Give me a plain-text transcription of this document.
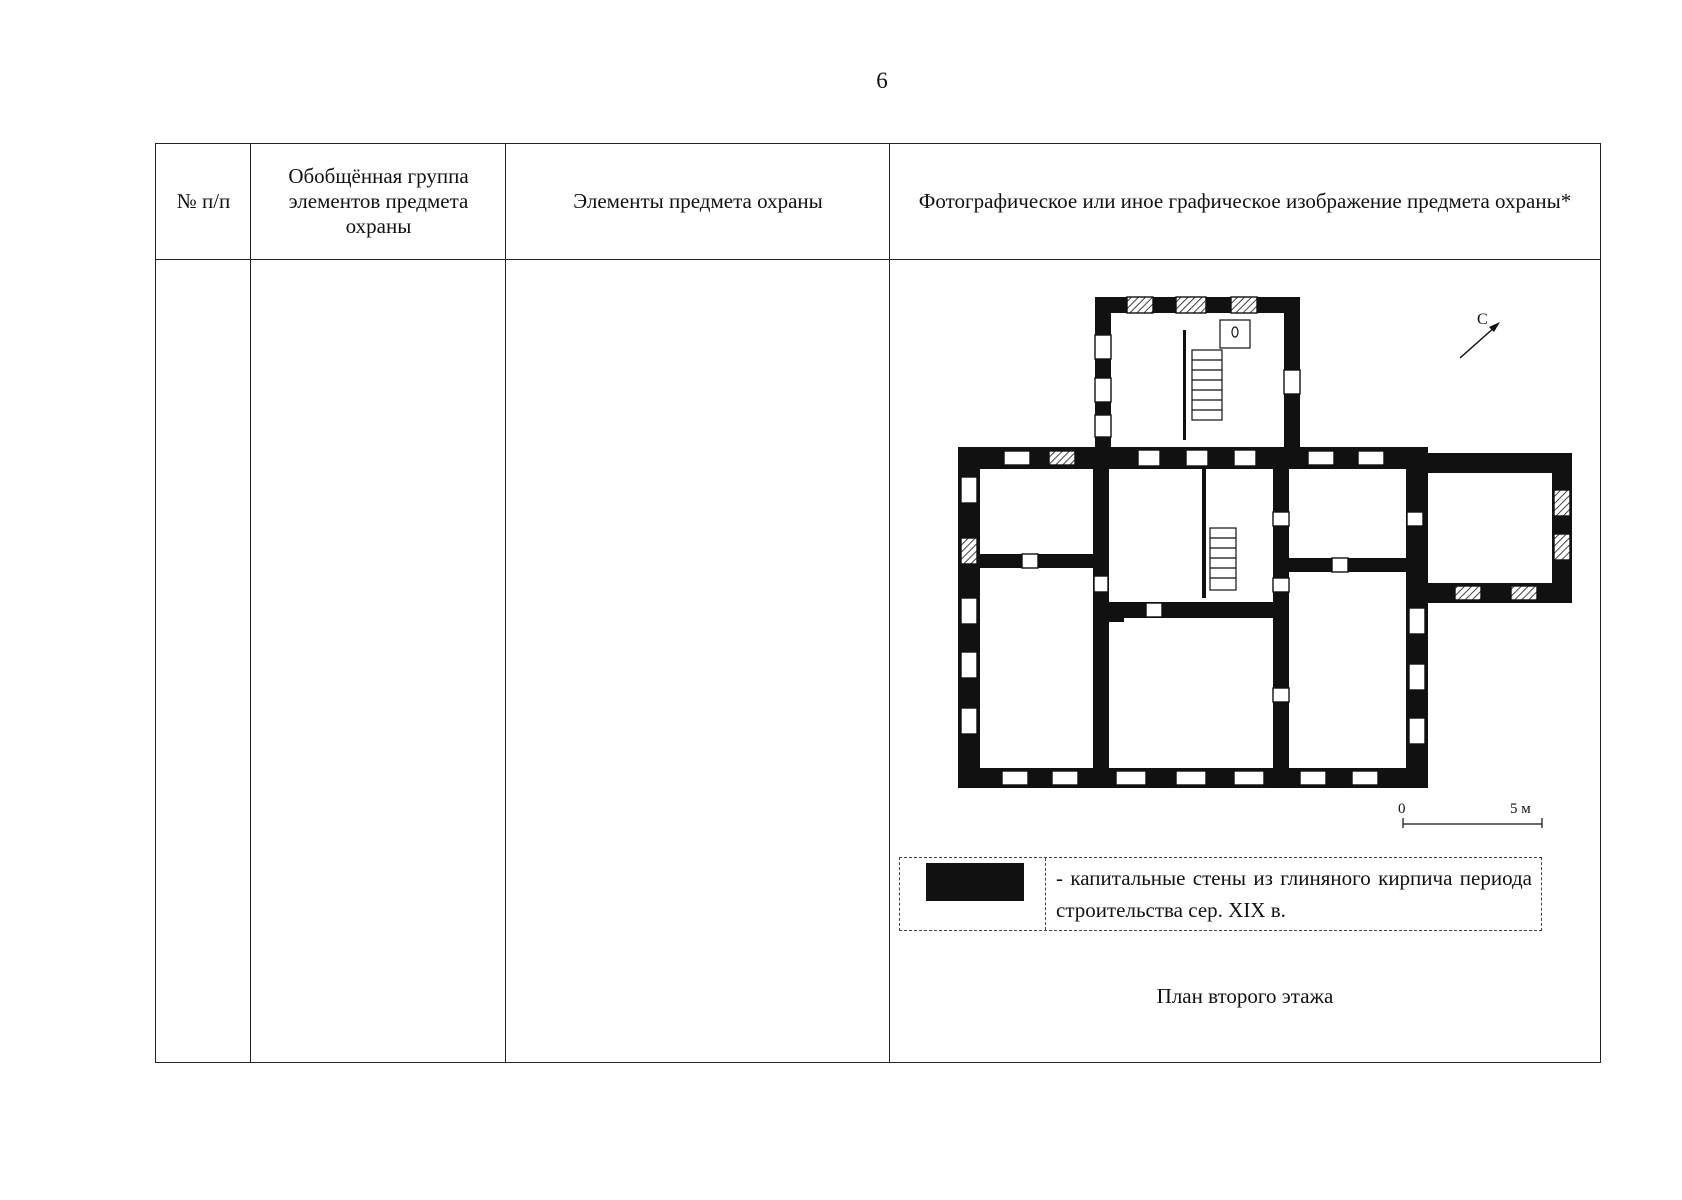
6
№ п/п
Обобщённая группа элементов предмета охраны
Элементы предмета охраны	Фотографическое или иное графическое изображение предмета охраны*
С
0	5 м
- капитальные стены из глиняного кирпича периода строительства сер. XIX в.
План второго этажа
